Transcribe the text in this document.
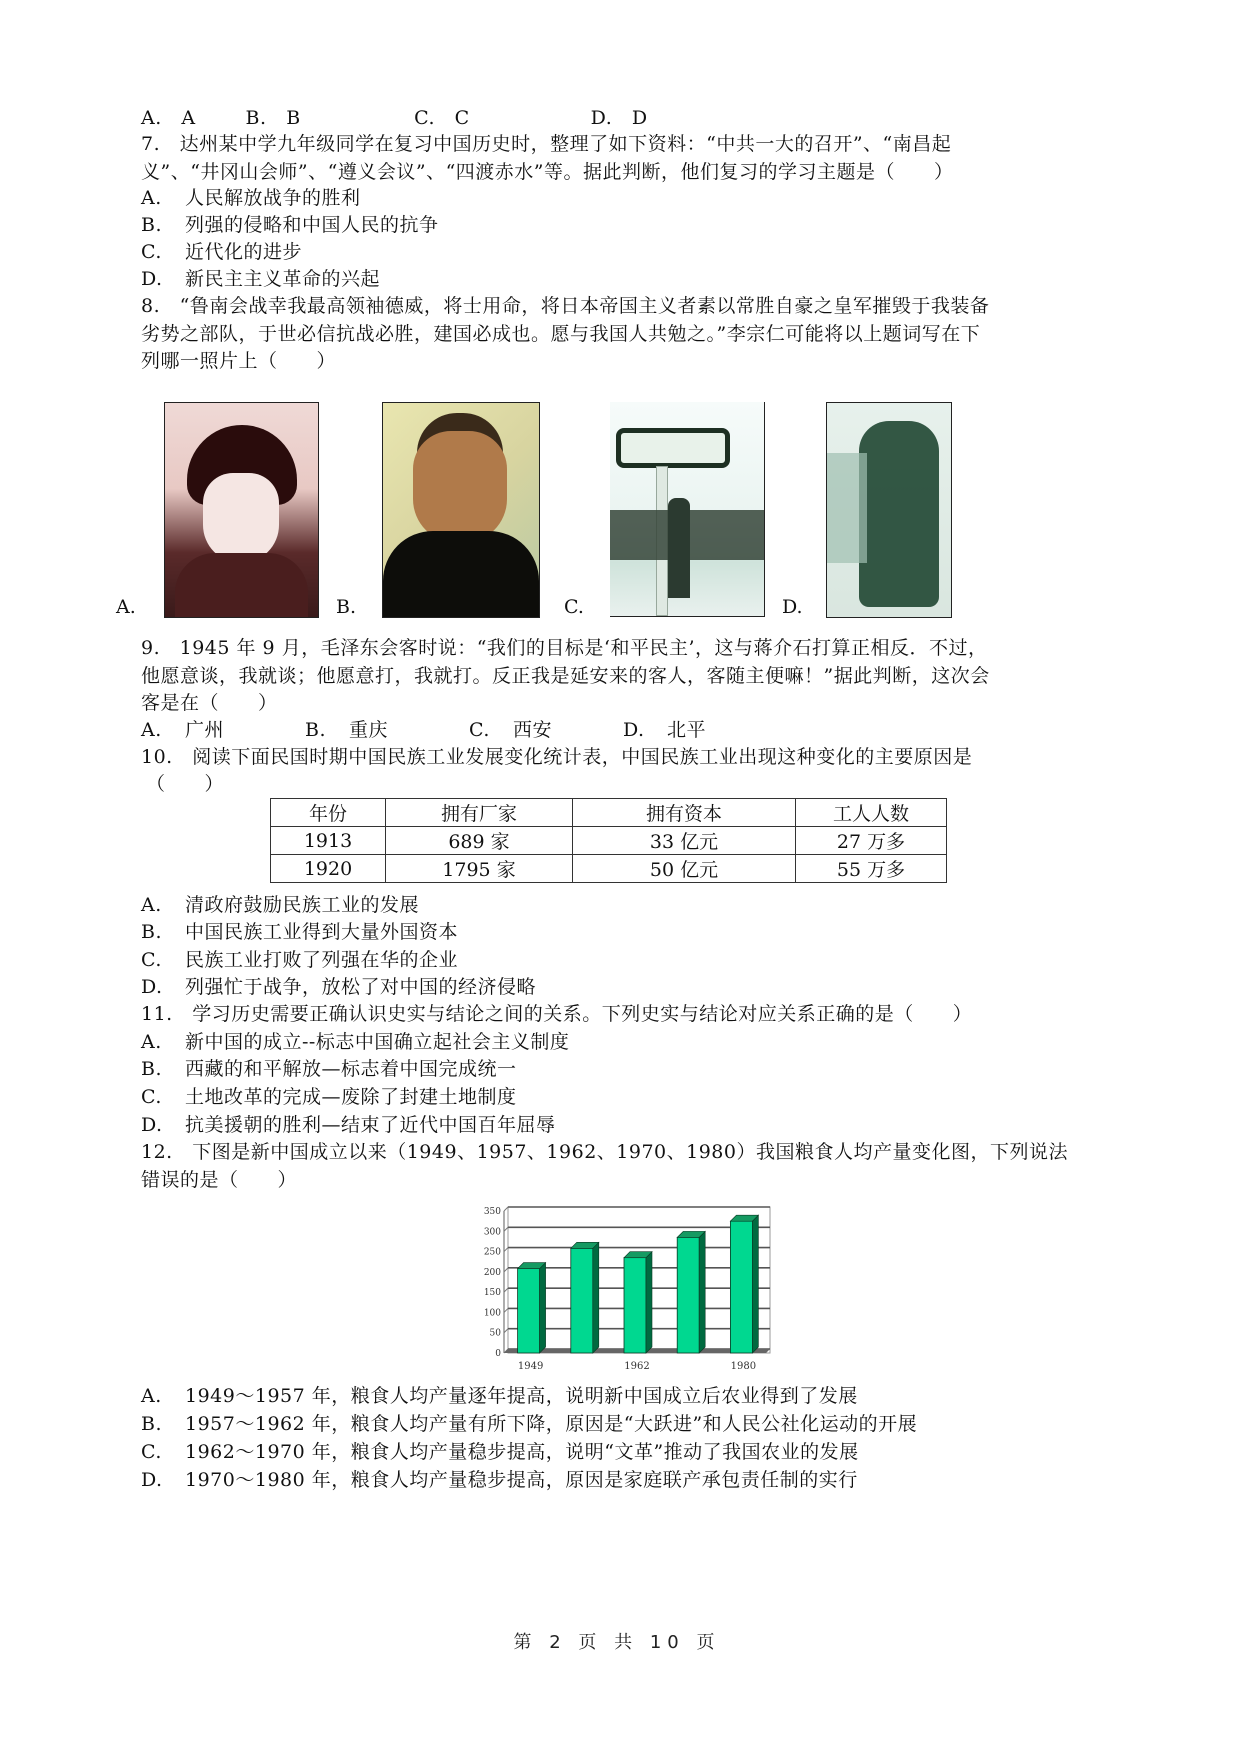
A. A	B. B	C. C	D. D
7.　达州某中学九年级同学在复习中国历史时，整理了如下资料：“中共一大的召开”、“南昌起
义”、“井冈山会师”、“遵义会议”、“四渡赤水”等。据此判断，他们复习的学习主题是（　　）
A. 人民解放战争的胜利
B. 列强的侵略和中国人民的抗争
C. 近代化的进步
D. 新民主主义革命的兴起
8.　“鲁南会战幸我最高领袖德威，将士用命，将日本帝国主义者素以常胜自豪之皇军摧毁于我装备
劣势之部队，于世必信抗战必胜，建国必成也。愿与我国人共勉之。”李宗仁可能将以上题词写在下
列哪一照片上（　　）
A.	B.	C.	D.
9.　1945 年 9 月，毛泽东会客时说：“我们的目标是‘和平民主’，这与蒋介石打算正相反．不过，
他愿意谈，我就谈；他愿意打，我就打。反正我是延安来的客人，客随主便嘛！”据此判断，这次会
客是在（　　）
A. 广州	B. 重庆	C. 西安	D. 北平
10.　阅读下面民国时期中国民族工业发展变化统计表，中国民族工业出现这种变化的主要原因是
（　　）
年份	拥有厂家	拥有资本	工人人数
1913	689 家	33 亿元	27 万多
1920	1795 家	50 亿元	55 万多
A. 清政府鼓励民族工业的发展
B. 中国民族工业得到大量外国资本
C. 民族工业打败了列强在华的企业
D. 列强忙于战争，放松了对中国的经济侵略
11.　学习历史需要正确认识史实与结论之间的关系。下列史实与结论对应关系正确的是（　　）
A. 新中国的成立--标志中国确立起社会主义制度
B. 西藏的和平解放—标志着中国完成统一
C. 土地改革的完成—废除了封建土地制度
D. 抗美援朝的胜利—结束了近代中国百年屈辱
12.　下图是新中国成立以来（1949、1957、1962、1970、1980）我国粮食人均产量变化图，下列说法
错误的是（　　）
0
50
100
150
200
250
300
350
1949	1962	1980
A. 1949～1957 年，粮食人均产量逐年提高，说明新中国成立后农业得到了发展
B. 1957～1962 年，粮食人均产量有所下降，原因是“大跃进”和人民公社化运动的开展
C. 1962～1970 年，粮食人均产量稳步提高，说明“文革”推动了我国农业的发展
D. 1970～1980 年，粮食人均产量稳步提高，原因是家庭联产承包责任制的实行
第 2 页 共 10 页
